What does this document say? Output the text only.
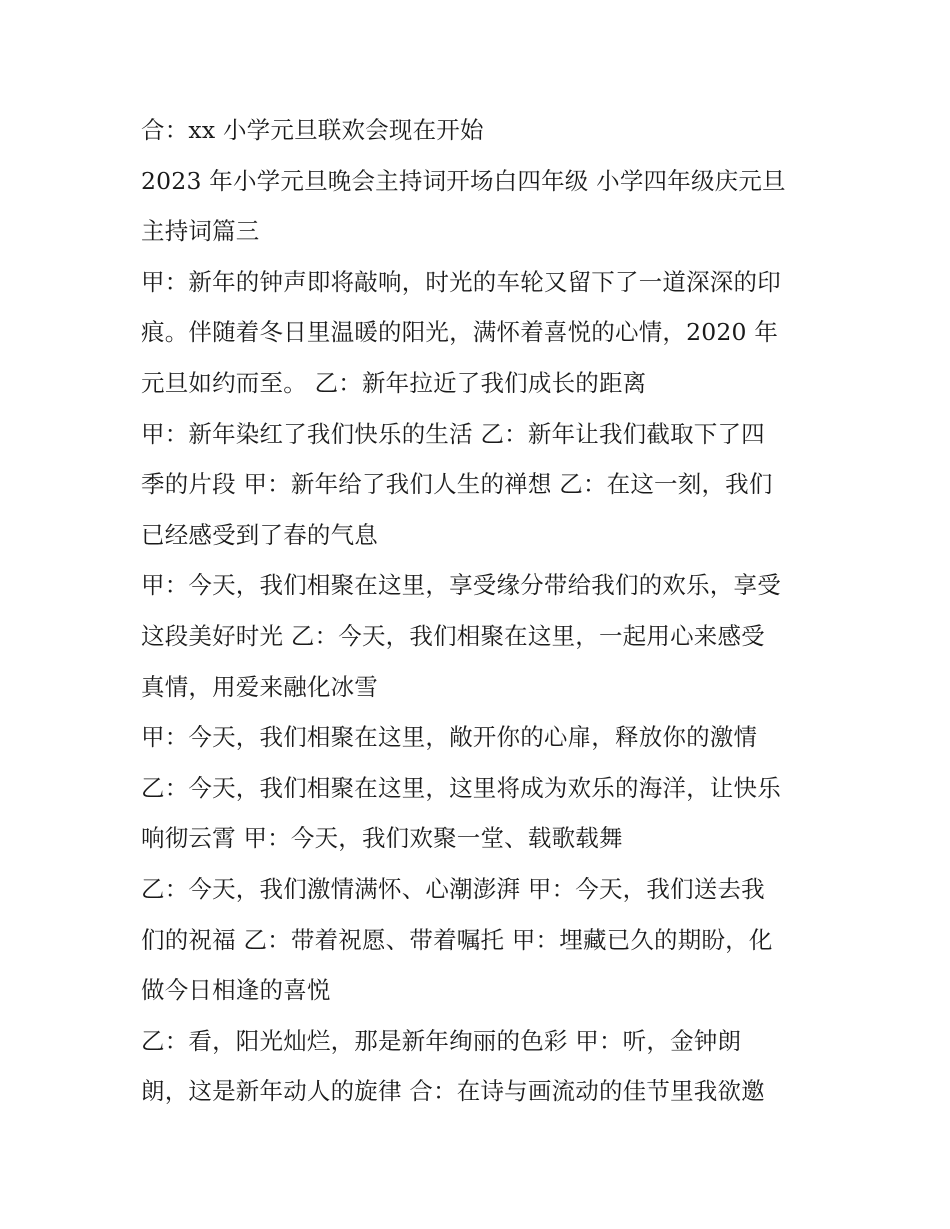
合：xx 小学元旦联欢会现在开始
2023 年小学元旦晚会主持词开场白四年级 小学四年级庆元旦
主持词篇三
甲：新年的钟声即将敲响，时光的车轮又留下了一道深深的印
痕。伴随着冬日里温暖的阳光，满怀着喜悦的心情，2020 年
元旦如约而至。 乙：新年拉近了我们成长的距离
甲：新年染红了我们快乐的生活 乙：新年让我们截取下了四
季的片段 甲：新年给了我们人生的禅想 乙：在这一刻，我们
已经感受到了春的气息
甲：今天，我们相聚在这里，享受缘分带给我们的欢乐，享受
这段美好时光 乙：今天，我们相聚在这里，一起用心来感受
真情，用爱来融化冰雪
甲：今天，我们相聚在这里，敞开你的心扉，释放你的激情
乙：今天，我们相聚在这里，这里将成为欢乐的海洋，让快乐
响彻云霄 甲：今天，我们欢聚一堂、载歌载舞
乙：今天，我们激情满怀、心潮澎湃 甲：今天，我们送去我
们的祝福 乙：带着祝愿、带着嘱托 甲：埋藏已久的期盼，化
做今日相逢的喜悦
乙：看，阳光灿烂，那是新年绚丽的色彩 甲：听，金钟朗
朗，这是新年动人的旋律 合：在诗与画流动的佳节里我欲邀
